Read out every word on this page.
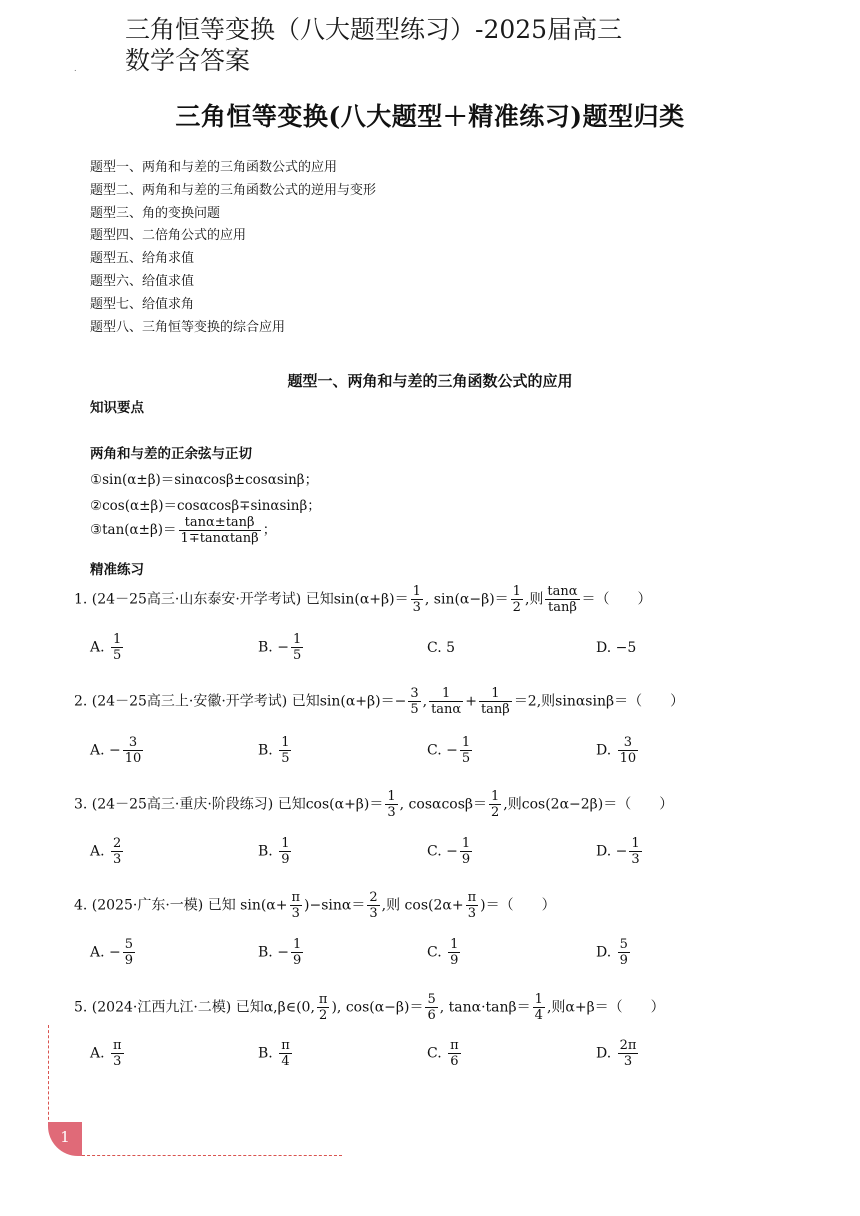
三角恒等变换（八大题型练习）-2025届高三
数学含答案
.
三角恒等变换(八大题型＋精准练习)题型归类
题型一、两角和与差的三角函数公式的应用
题型二、两角和与差的三角函数公式的逆用与变形
题型三、角的变换问题
题型四、二倍角公式的应用
题型五、给角求值
题型六、给值求值
题型七、给值求角
题型八、三角恒等变换的综合应用
题型一、两角和与差的三角函数公式的应用
知识要点
两角和与差的正余弦与正切
①sin(α±β)＝sinαcosβ±cosαsinβ；
②cos(α±β)＝cosαcosβ∓sinαsinβ；
③tan(α±β)＝ $\frac{\tan\alpha\pm\tan\beta}{1\mp\tan\alpha\tan\beta}$ ；
精准练习
1. (24－25高三·山东泰安·开学考试) 已知$\sin(\alpha+\beta)= \frac{1}{3}$ , $\sin(\alpha-\beta)= \frac{1}{2}$ ,则 $\frac{\tan\alpha}{\tan\beta}$ ＝（　　）
A. $\frac{1}{5}$	B. − $\frac{1}{5}$	C. 5	D. −5
2. (24－25高三上·安徽·开学考试) 已知$\sin(\alpha+\beta)=- \frac{3}{5}$ , $\frac{1}{\tan\alpha} + \frac{1}{\tan\beta} =2$,则sinαsinβ＝（　　）
A. − $\frac{3}{10}$	B. $\frac{1}{5}$	C. − $\frac{1}{5}$	D. $\frac{3}{10}$
3. (24－25高三·重庆·阶段练习) 已知$\cos(\alpha+\beta)= \frac{1}{3}$ , $\cos\alpha\cos\beta= \frac{1}{2}$ ,则cos(2α−2β)＝（　　）
A. $\frac{2}{3}$	B. $\frac{1}{9}$	C. − $\frac{1}{9}$	D. − $\frac{1}{3}$
4. (2025·广东·一模) 已知 $\sin(\alpha+ \frac{\pi}{3} )-\sin\alpha= \frac{2}{3}$ ,则 $\cos(2\alpha+ \frac{\pi}{3}$ )＝（　　）
A. − $\frac{5}{9}$	B. − $\frac{1}{9}$	C. $\frac{1}{9}$	D. $\frac{5}{9}$
5. (2024·江西九江·二模) 已知α,β∈(0, $\frac{\pi}{2}$ ), $\cos(\alpha-\beta)= \frac{5}{6}$ , $\tan\alpha\cdot\tan\beta= \frac{1}{4}$ ,则α+β＝（　　）
A. $\frac{\pi}{3}$	B. $\frac{\pi}{4}$	C. $\frac{\pi}{6}$	D. $\frac{2\pi}{3}$
1
